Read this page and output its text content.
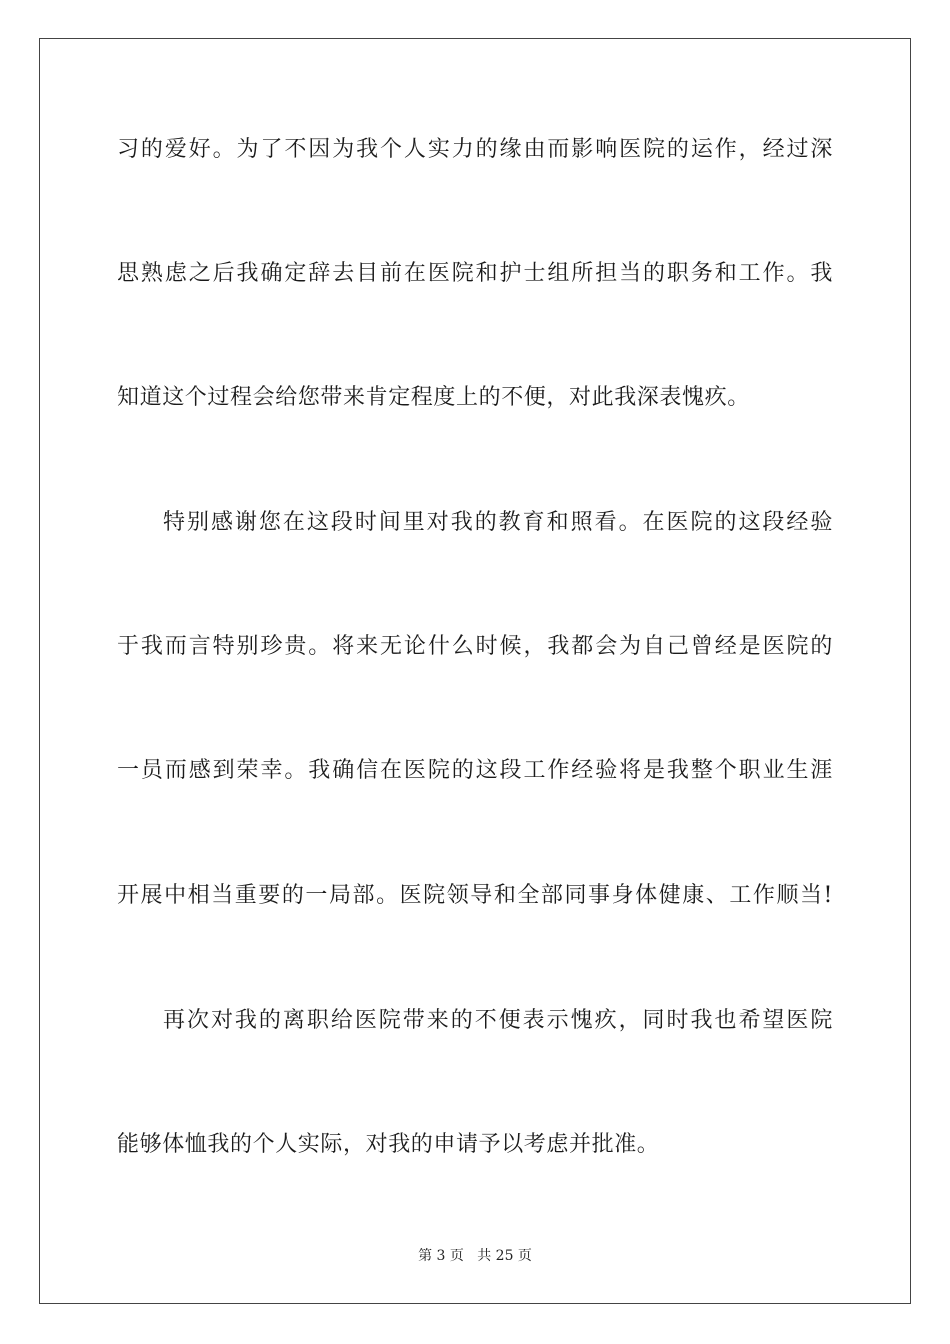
习的爱好。为了不因为我个人实力的缘由而影响医院的运作，经过深
思熟虑之后我确定辞去目前在医院和护士组所担当的职务和工作。我
知道这个过程会给您带来肯定程度上的不便，对此我深表愧疚。
特别感谢您在这段时间里对我的教育和照看。在医院的这段经验
于我而言特别珍贵。将来无论什么时候，我都会为自己曾经是医院的
一员而感到荣幸。我确信在医院的这段工作经验将是我整个职业生涯
开展中相当重要的一局部。医院领导和全部同事身体健康、工作顺当!
再次对我的离职给医院带来的不便表示愧疚，同时我也希望医院
能够体恤我的个人实际，对我的申请予以考虑并批准。
第 3 页   共 25 页
